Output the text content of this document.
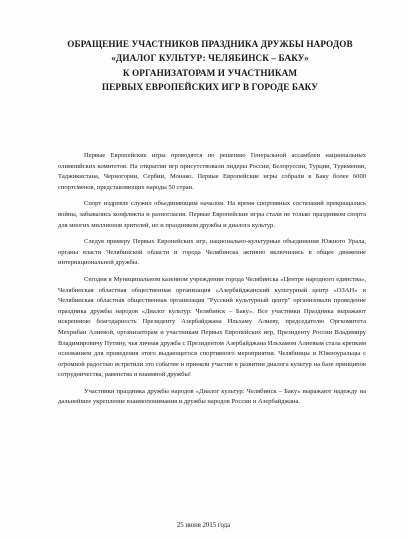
ОБРАЩЕНИЕ УЧАСТНИКОВ ПРАЗДНИКА ДРУЖБЫ НАРОДОВ
«ДИАЛОГ КУЛЬТУР: ЧЕЛЯБИНСК – БАКУ»
К ОРГАНИЗАТОРАМ И УЧАСТНИКАМ
ПЕРВЫХ ЕВРОПЕЙСКИХ ИГР В ГОРОДЕ БАКУ

Первые Европейские игры проводятся по решению Генеральной ассамблеи национальных олимпийских комитетов. На открытии игр присутствовали лидеры России, Белоруссии, Турции, Туркмении, Таджикистана, Черногории, Сербии, Монако. Первые Европейские игры собрали в Баку более 6000 спортсменов, представляющих народы 50 стран.

Спорт издревле служил объединяющим началом. На время спортивных состязаний прекращались войны, забывались конфликты и разногласия. Первые Европейские игры стали не только праздником спорта для многих миллионов зрителей, но и праздником дружбы и диалога культур.

Следуя примеру Первых Европейских игр, национально-культурные объединения Южного Урала, органы власти Челябинской области и города Челябинска активно включились в общее движение интернациональной дружбы.

Сегодня в Муниципальном казенном учреждении города Челябинска «Центре народного единства», Челябинская областная общественная организация «Азербайджанский культурный центр «ОЗАН» и Челябинская областная общественная организация "Русский культурный центр" организовали проведение праздника дружбы народов «Диалог культур: Челябинск – Баку». Все участники Праздника выражают искреннюю благодарность Президенту Азербайджана Ильхаму Алиеву, председателю Оргкомитета Мехрибан Алиевой, организаторам и участникам Первых Европейских игр, Президенту России Владимиру Владимировичу Путину, чья личная дружба с Президентом Азербайджана Ильхамом Алиевым стала крепким основанием для проведения этого выдающегося спортивного мероприятия. Челябинцы и Южноуральцы с огромной радостью встретили это событие и приняли участие в развитии диалога культур на базе принципов сотрудничества, равенства и взаимной дружбы!

Участники праздника дружбы народов «Диалог культур: Челябинск – Баку» выражают надежду на дальнейшее укрепление взаимопонимания и дружбы народов России и Азербайджана.

25 июня 2015 года
